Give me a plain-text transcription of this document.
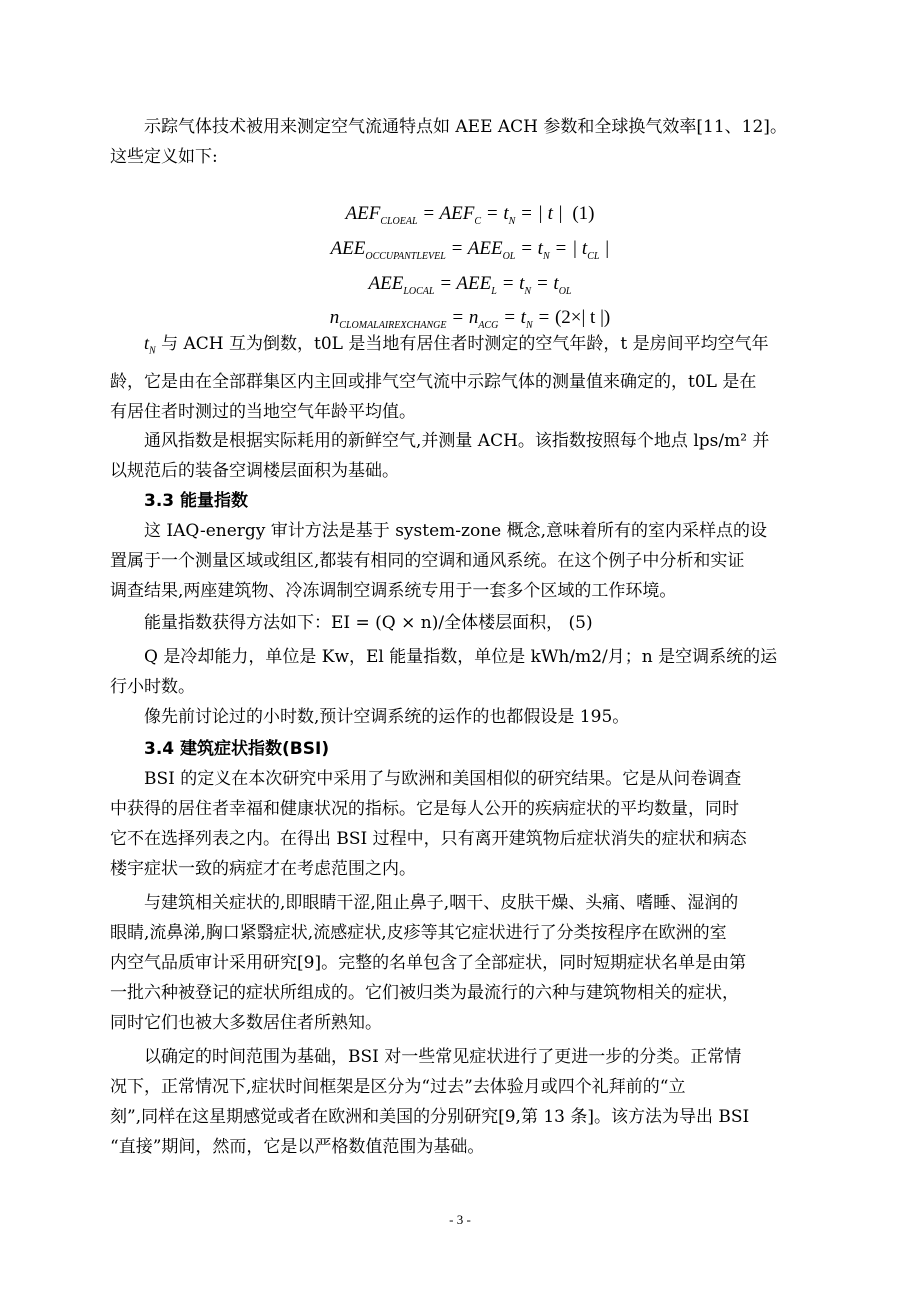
示踪气体技术被用来测定空气流通特点如 AEE ACH 参数和全球换气效率[11、12]。
这些定义如下:
$AEF_{CLOEAL} = AEF_C = t_N$ = | t |  (1)
$AEE_{OCCUPANTLEVEL} = AEE_{OL} = t_N$ = | $t_{CL}$ |
$AEE_{LOCAL} = AEE_L = t_N = t_{OL}$
$n_{CLOMALAIREXCHANGE} = n_{ACG} = t_N = (2\times|$ t |)
$t_N$ 与 ACH 互为倒数，t0L 是当地有居住者时测定的空气年龄，t 是房间平均空气年
龄，它是由在全部群集区内主回或排气空气流中示踪气体的测量值来确定的，t0L 是在
有居住者时测过的当地空气年龄平均值。
通风指数是根据实际耗用的新鲜空气,并测量 ACH。该指数按照每个地点 lps/m² 并
以规范后的装备空调楼层面积为基础。
3.3 能量指数
这 IAQ-energy 审计方法是基于 system-zone 概念,意味着所有的室内采样点的设
置属于一个测量区域或组区,都装有相同的空调和通风系统。在这个例子中分析和实证
调查结果,两座建筑物、冷冻调制空调系统专用于一套多个区域的工作环境。
能量指数获得方法如下：EI = (Q × n)/全体楼层面积， (5)
Q 是冷却能力，单位是 Kw，El 能量指数，单位是 kWh/m2/月；n 是空调系统的运
行小时数。
像先前讨论过的小时数,预计空调系统的运作的也都假设是 195。
3.4 建筑症状指数(BSI)
BSI 的定义在本次研究中采用了与欧洲和美国相似的研究结果。它是从问卷调查
中获得的居住者幸福和健康状况的指标。它是每人公开的疾病症状的平均数量，同时
它不在选择列表之内。在得出 BSI 过程中，只有离开建筑物后症状消失的症状和病态
楼宇症状一致的病症才在考虑范围之内。
与建筑相关症状的,即眼睛干涩,阻止鼻子,咽干、皮肤干燥、头痛、嗜睡、湿润的
眼睛,流鼻涕,胸口紧翳症状,流感症状,皮疹等其它症状进行了分类按程序在欧洲的室
内空气品质审计采用研究[9]。完整的名单包含了全部症状，同时短期症状名单是由第
一批六种被登记的症状所组成的。它们被归类为最流行的六种与建筑物相关的症状，
同时它们也被大多数居住者所熟知。
以确定的时间范围为基础，BSI 对一些常见症状进行了更进一步的分类。正常情
况下，正常情况下,症状时间框架是区分为“过去”去体验月或四个礼拜前的“立
刻”,同样在这星期感觉或者在欧洲和美国的分别研究[9,第 13 条]。该方法为导出 BSI
“直接”期间，然而，它是以严格数值范围为基础。
- 3 -
